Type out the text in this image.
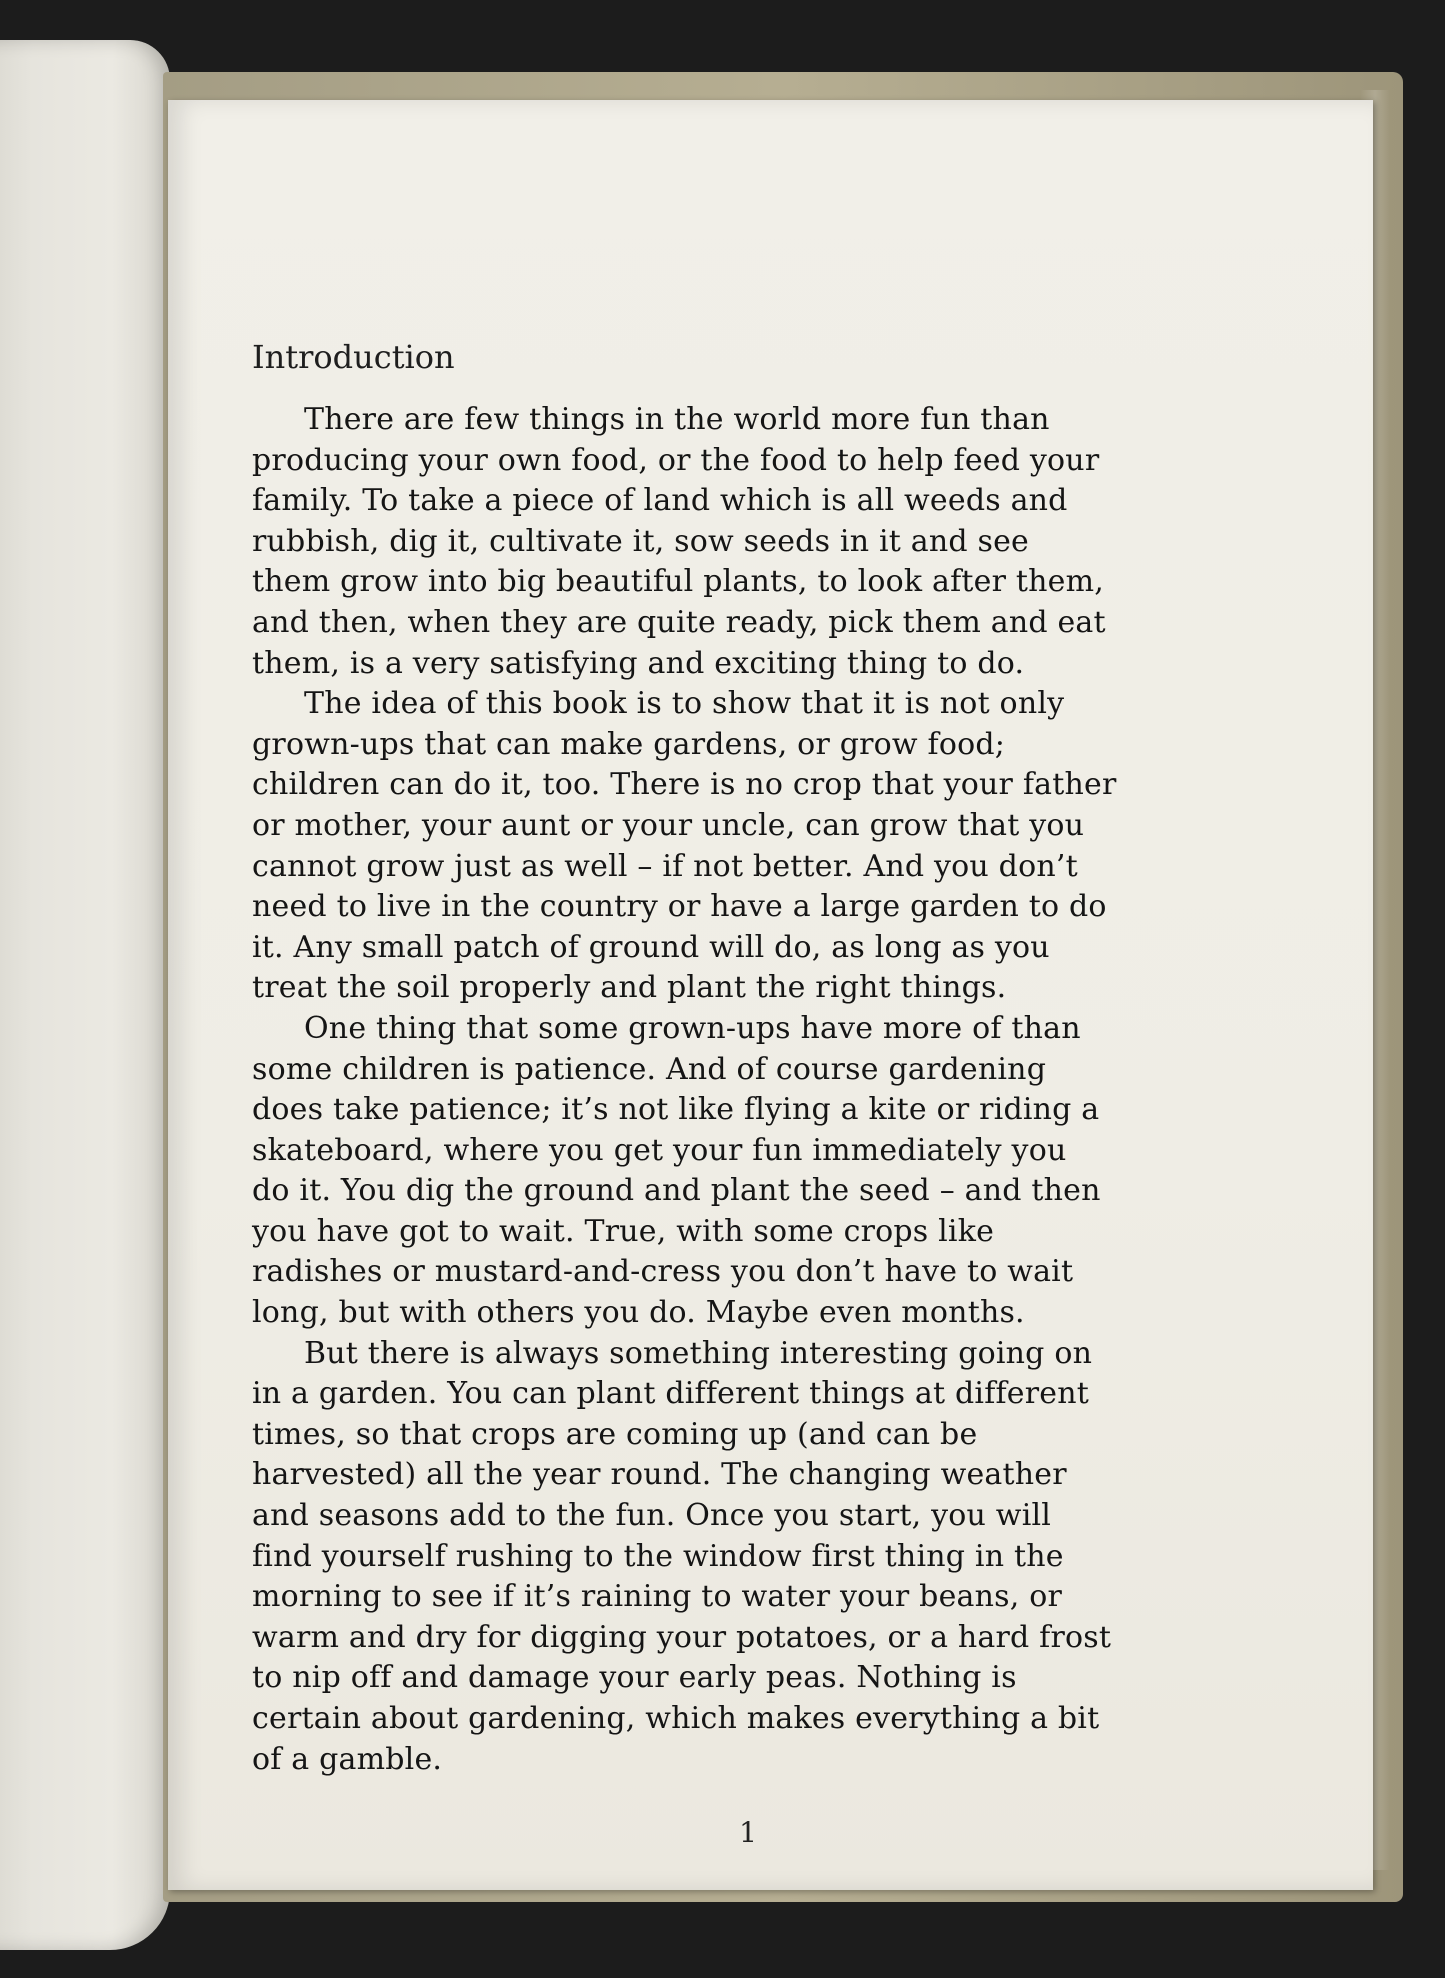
Introduction
There are few things in the world more fun than
producing your own food, or the food to help feed your
family. To take a piece of land which is all weeds and
rubbish, dig it, cultivate it, sow seeds in it and see
them grow into big beautiful plants, to look after them,
and then, when they are quite ready, pick them and eat
them, is a very satisfying and exciting thing to do.
The idea of this book is to show that it is not only
grown-ups that can make gardens, or grow food;
children can do it, too. There is no crop that your father
or mother, your aunt or your uncle, can grow that you
cannot grow just as well – if not better. And you don’t
need to live in the country or have a large garden to do
it. Any small patch of ground will do, as long as you
treat the soil properly and plant the right things.
One thing that some grown-ups have more of than
some children is patience. And of course gardening
does take patience; it’s not like flying a kite or riding a
skateboard, where you get your fun immediately you
do it. You dig the ground and plant the seed – and then
you have got to wait. True, with some crops like
radishes or mustard-and-cress you don’t have to wait
long, but with others you do. Maybe even months.
But there is always something interesting going on
in a garden. You can plant different things at different
times, so that crops are coming up (and can be
harvested) all the year round. The changing weather
and seasons add to the fun. Once you start, you will
find yourself rushing to the window first thing in the
morning to see if it’s raining to water your beans, or
warm and dry for digging your potatoes, or a hard frost
to nip off and damage your early peas. Nothing is
certain about gardening, which makes everything a bit
of a gamble.
1
